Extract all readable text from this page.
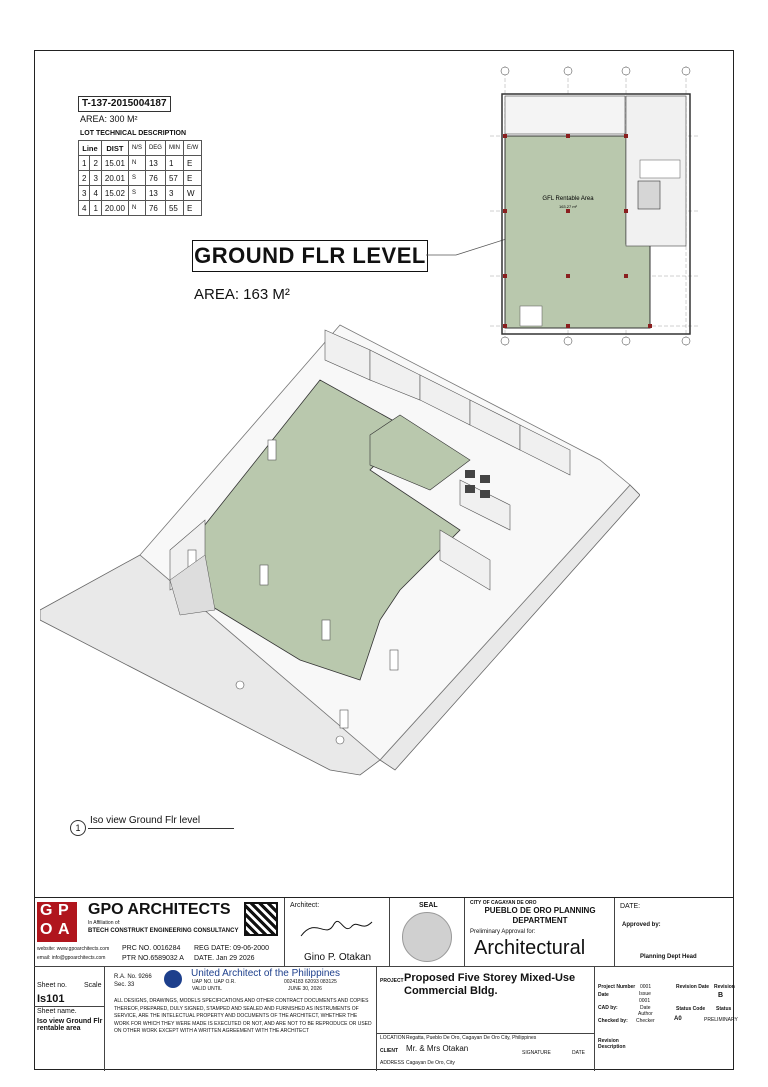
T-137-2015004187
AREA: 300 M²
LOT TECHNICAL DESCRIPTION
Line		DIST	N/S	DEG	MIN	E/W
1	2	15.01	N	13	1	E
2	3	20.01	S	76	57	E
3	4	15.02	S	13	3	W
4	1	20.00	N	76	55	E
GROUND FLR LEVEL
AREA: 163 M²
GFL Rentable Area
163.27 m²
1
Iso view Ground Flr level
G P
O A
GPO ARCHITECTS
In Affiliation of:
BTECH CONSTRUKT ENGINEERING CONSULTANCY
website: www.gpoarchitects.com
email: info@gpoarchitects.com
PRC NO. 0016284
PTR NO.6589032 A
REG DATE: 09-06-2000
DATE. Jan 29 2026
Architect:
Gino P. Otakan
SEAL	CITY OF CAGAYAN DE ORO
PUEBLO DE ORO PLANNING DEPARTMENT
Preliminary Approval for:
Architectural
DATE:
Approved by:
Planning Dept Head
Sheet no. Scale
Is101
Sheet name.
Iso view Ground Flr rentable area
R.A. No. 9266
Sec. 33
United Architect of the Philippines
UAP NO. UAP O.R.	0024183 62093 083125
VALID UNTIL	JUNE 30, 2026
ALL DESIGNS, DRAWINGS, MODELS SPECIFICATIONS AND OTHER CONTRACT DOCUMENTS AND COPIES THEREOF, PREPARED, DULY SIGNED, STAMPED AND SEALED AND FURNISHED AS INSTRUMENTS OF SERVICE, ARE THE INTELECTUAL PROPERTY AND DOCUMENTS OF THE ARCHITECT, WHETHER THE WORK FOR WHICH THEY WERE MADE IS EXECUTED OR NOT, AND ARE NOT TO BE REPRODUCE OR USED ON OTHER WORK EXCEPT WITH A WRITTEN AGREEMENT WITH THE ARCHITECT
PROJECT Proposed Five Storey Mixed-Use
Commercial Bldg.
LOCATION Regatta, Pueblo De Oro, Cagayan De Oro City, Philippines
CLIENT Mr. & Mrs Otakan	SIGNATURE	DATE
ADDRESS Cagayan De Oro, City
Project Number 0001
Date	Issue
0001
CAD by:	Date
Author
Checked by: Checker
Revision Date Revision
B
Status Code Status
A0	PRELIMINARY
Revision Description
